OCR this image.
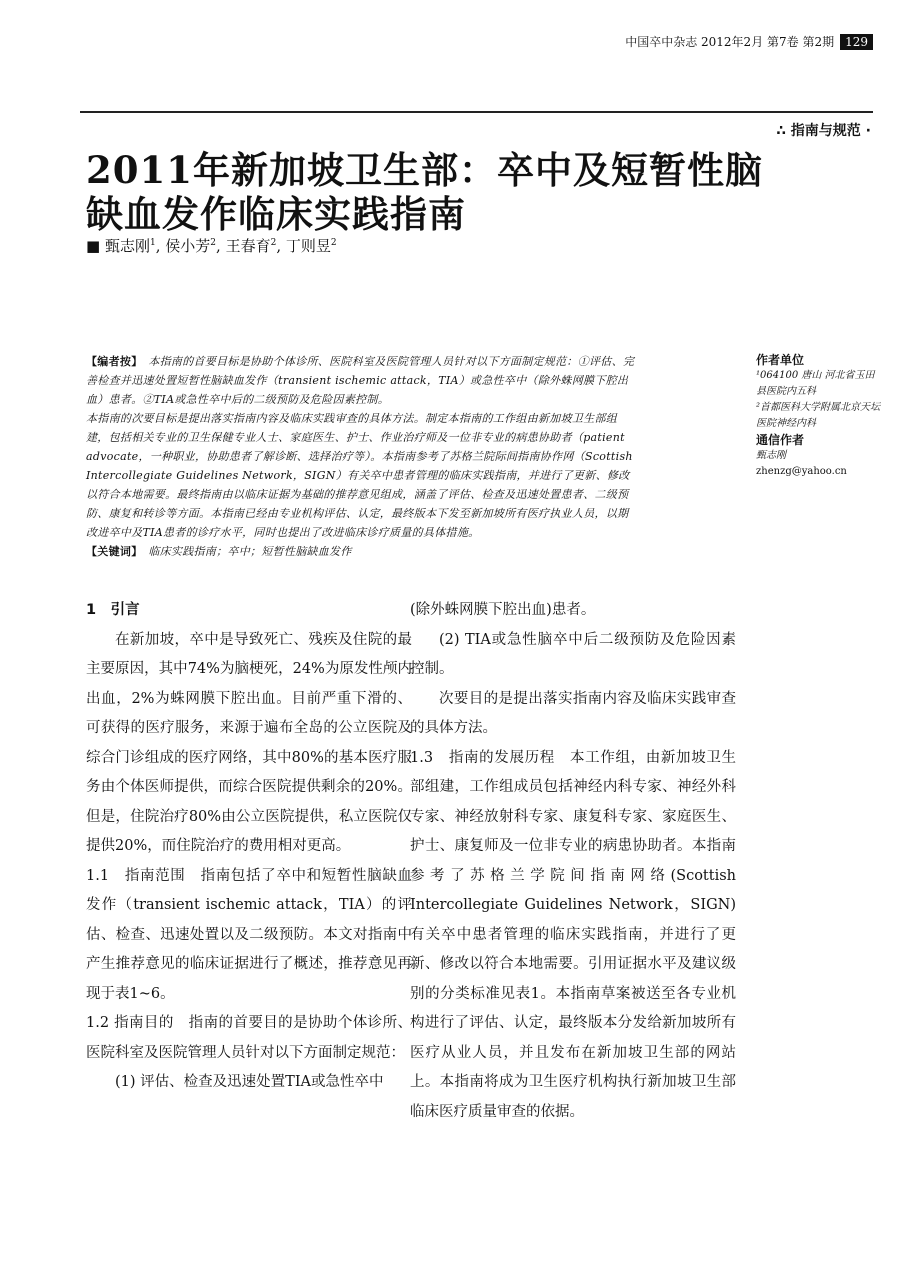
中国卒中杂志 2012年2月 第7卷 第2期 129
∴ 指南与规范 ·
2011年新加坡卫生部：卒中及短暂性脑缺血发作临床实践指南
■ 甄志刚$^1$, 侯小芳$^2$, 王春育$^2$, 丁则昱$^2$

【编者按】　 本指南的首要目标是协助个体诊所、医院科室及医院管理人员针对以下方面制定规范：①评估、完善检查并迅速处置短暂性脑缺血发作（transient ischemic attack，TIA）或急性卒中（除外蛛网膜下腔出血）患者。②TIA或急性卒中后的二级预防及危险因素控制。

本指南的次要目标是提出落实指南内容及临床实践审查的具体方法。制定本指南的工作组由新加坡卫生部组建，包括相关专业的卫生保健专业人士、家庭医生、护士、作业治疗师及一位非专业的病患协助者（patient advocate，一种职业，协助患者了解诊断、选择治疗等）。本指南参考了苏格兰院际间指南协作网（Scottish Intercollegiate Guidelines Network，SIGN）有关卒中患者管理的临床实践指南，并进行了更新、修改以符合本地需要。最终指南由以临床证据为基础的推荐意见组成，涵盖了评估、检查及迅速处置患者、二级预防、康复和转诊等方面。本指南已经由专业机构评估、认定，最终版本下发至新加坡所有医疗执业人员，以期改进卒中及TIA患者的诊疗水平，同时也提出了改进临床诊疗质量的具体措施。

【关键词】　 临床实践指南；卒中；短暂性脑缺血发作

作者单位
¹064100 唐山 河北省玉田县医院内五科
²首都医科大学附属北京天坛医院神经内科
通信作者
甄志刚
zhenzg@yahoo.cn

1　引言

在新加坡，卒中是导致死亡、残疾及住院的最主要原因，其中74%为脑梗死，24%为原发性颅内出血，2%为蛛网膜下腔出血。目前严重下滑的、可获得的医疗服务，来源于遍布全岛的公立医院及综合门诊组成的医疗网络，其中80%的基本医疗服务由个体医师提供，而综合医院提供剩余的20%。但是，住院治疗80%由公立医院提供，私立医院仅提供20%，而住院治疗的费用相对更高。

1.1　指南范围　指南包括了卒中和短暂性脑缺血发作（transient ischemic attack，TIA）的评估、检查、迅速处置以及二级预防。本文对指南中产生推荐意见的临床证据进行了概述，推荐意见再现于表1~6。

1.2 指南目的　指南的首要目的是协助个体诊所、医院科室及医院管理人员针对以下方面制定规范：

(1) 评估、检查及迅速处置TIA或急性卒中

(除外蛛网膜下腔出血)患者。

(2) TIA或急性脑卒中后二级预防及危险因素控制。

次要目的是提出落实指南内容及临床实践审查的具体方法。

1.3　指南的发展历程　本工作组，由新加坡卫生部组建，工作组成员包括神经内科专家、神经外科专家、神经放射科专家、康复科专家、家庭医生、护士、康复师及一位非专业的病患协助者。本指南参考了苏格兰学院间指南网络(Scottish Intercollegiate Guidelines Network，SIGN)有关卒中患者管理的临床实践指南，并进行了更新、修改以符合本地需要。引用证据水平及建议级别的分类标准见表1。本指南草案被送至各专业机构进行了评估、认定，最终版本分发给新加坡所有医疗从业人员，并且发布在新加坡卫生部的网站上。本指南将成为卫生医疗机构执行新加坡卫生部临床医疗质量审查的依据。
